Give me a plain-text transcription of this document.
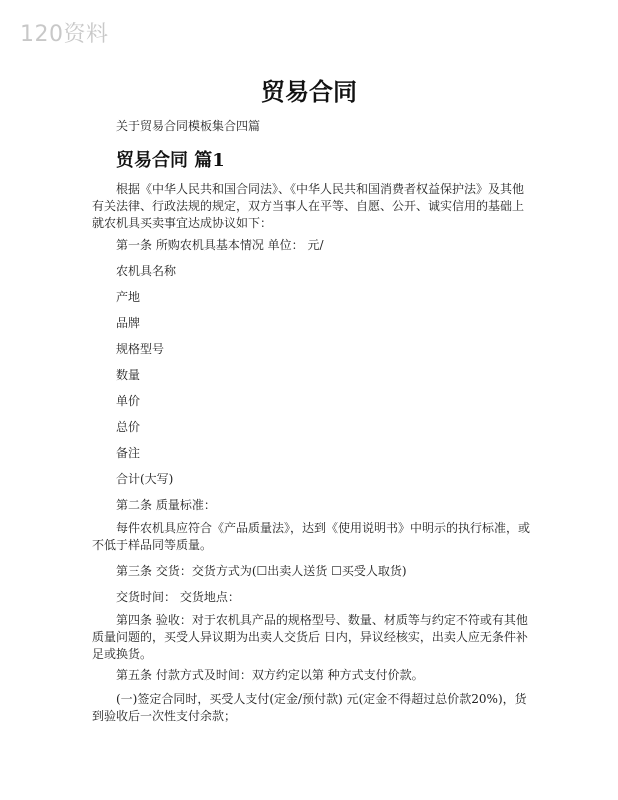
120资料
贸易合同
关于贸易合同模板集合四篇
贸易合同 篇1
根据《中华人民共和国合同法》、《中华人民共和国消费者权益保护法》及其他有关法律、行政法规的规定，双方当事人在平等、自愿、公开、诚实信用的基础上就农机具买卖事宜达成协议如下：
第一条 所购农机具基本情况 单位： 元/
农机具名称
产地
品牌
规格型号
数量
单价
总价
备注
合计(大写)
第二条 质量标准：
每件农机具应符合《产品质量法》，达到《使用说明书》中明示的执行标准，或不低于样品同等质量。
第三条 交货：交货方式为(☐出卖人送货 ☐买受人取货)
交货时间： 交货地点：
第四条 验收：对于农机具产品的规格型号、数量、材质等与约定不符或有其他质量问题的，买受人异议期为出卖人交货后 日内，异议经核实，出卖人应无条件补足或换货。
第五条 付款方式及时间：双方约定以第 种方式支付价款。
(一)签定合同时，买受人支付(定金/预付款) 元(定金不得超过总价款20%)，货到验收后一次性支付余款；
